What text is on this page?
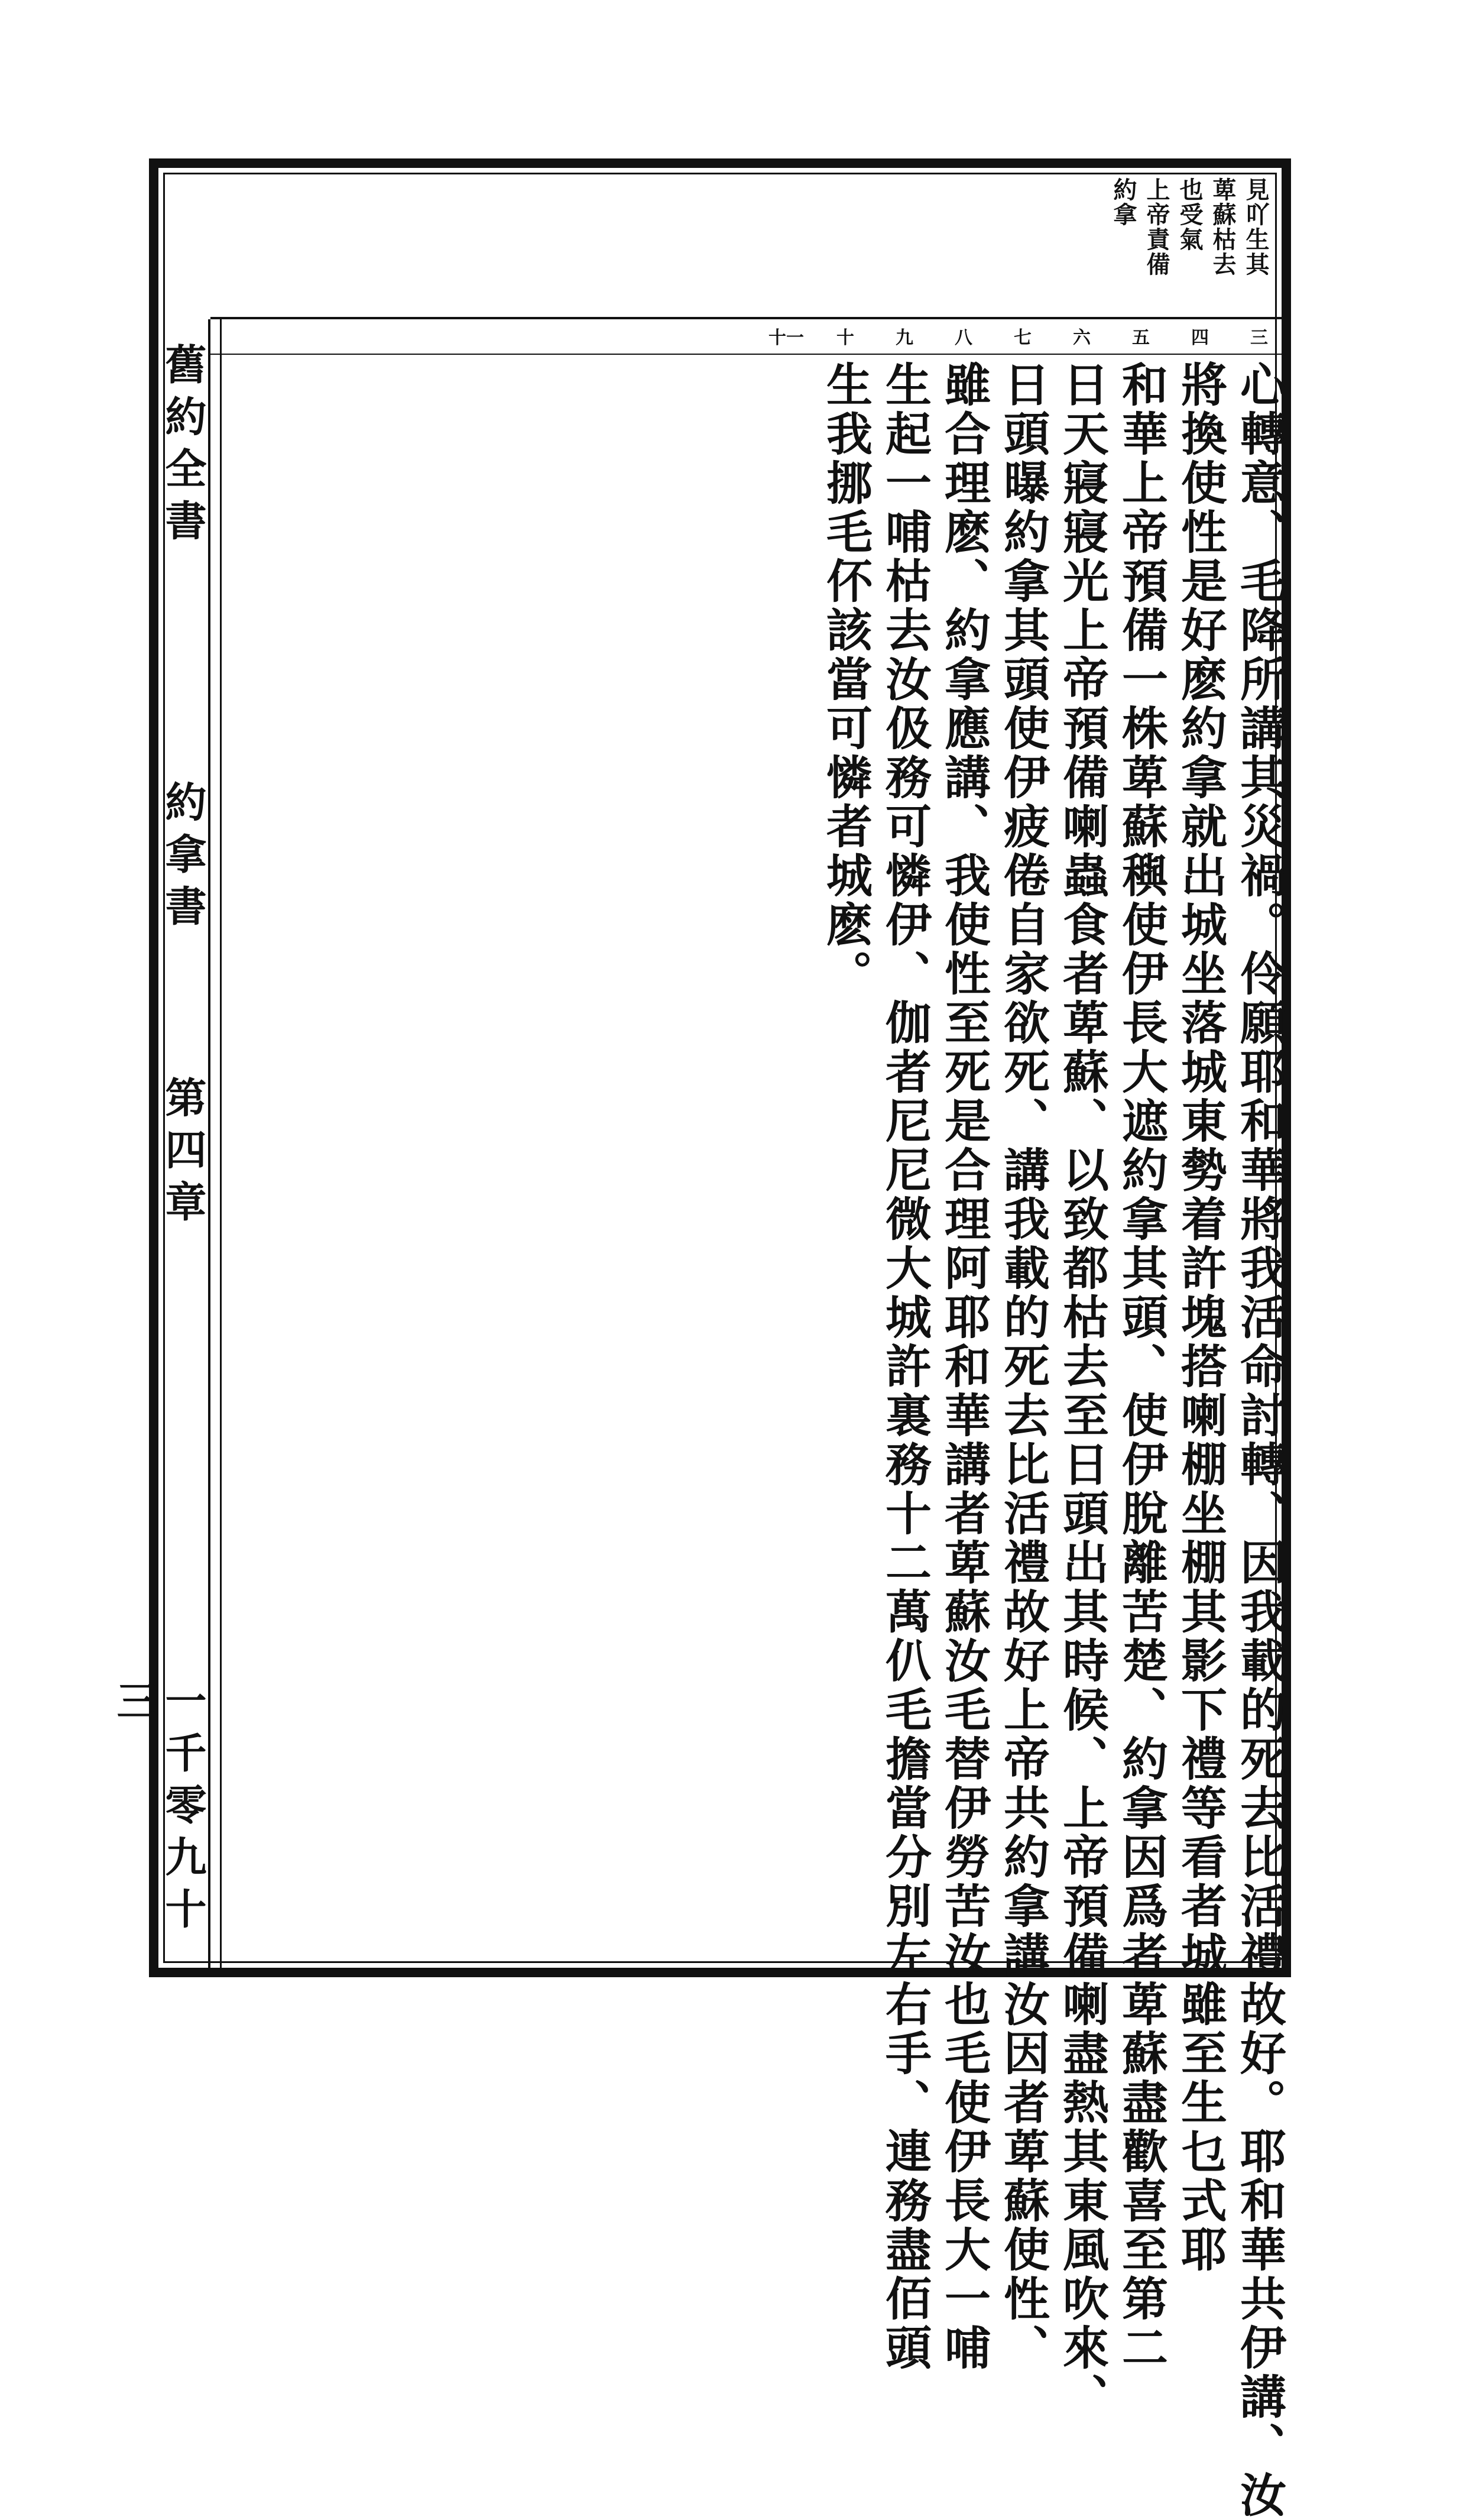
舊約全書
約拿書
第四章
一千零九十三
見吖生其
萆蘇枯去
也受氣
上帝責備
約拿
三
四
五
六
七
八
九
十
十一
心轉意、毛降所講其災禍。伶願耶和華將我活命討轉、因我載的死去比活禮故好。耶和華共伊講、汝
將換使性是好麽約拿就出城坐落城東勢着許塊搭喇棚坐棚其影下禮等看者城雖至生乜式耶
和華上帝預備一株萆蘇穥使伊長大遮約拿其頭、使伊脫離苦楚、約拿因爲者萆蘇盡歡喜至第二
日天寢寢光上帝預備喇蟲食者萆蘇、以致都枯去至日頭出其時候、上帝預備喇盡熱其東風吹來、
日頭曝約拿其頭使伊疲倦自家欲死、講我載的死去比活禮故好上帝共約拿講汝因者萆蘇使性、
雖合理麽、約拿應講、我使性至死是合理阿耶和華講者萆蘇汝毛替伊勞苦汝也毛使伊長大一哺
生起一哺枯去汝伋務可憐伊、伽者尼尼微大城許裏務十二萬仈毛擔當分別左右手、連務盡佰頭
生我挪毛伓該當可憐者城麽。
